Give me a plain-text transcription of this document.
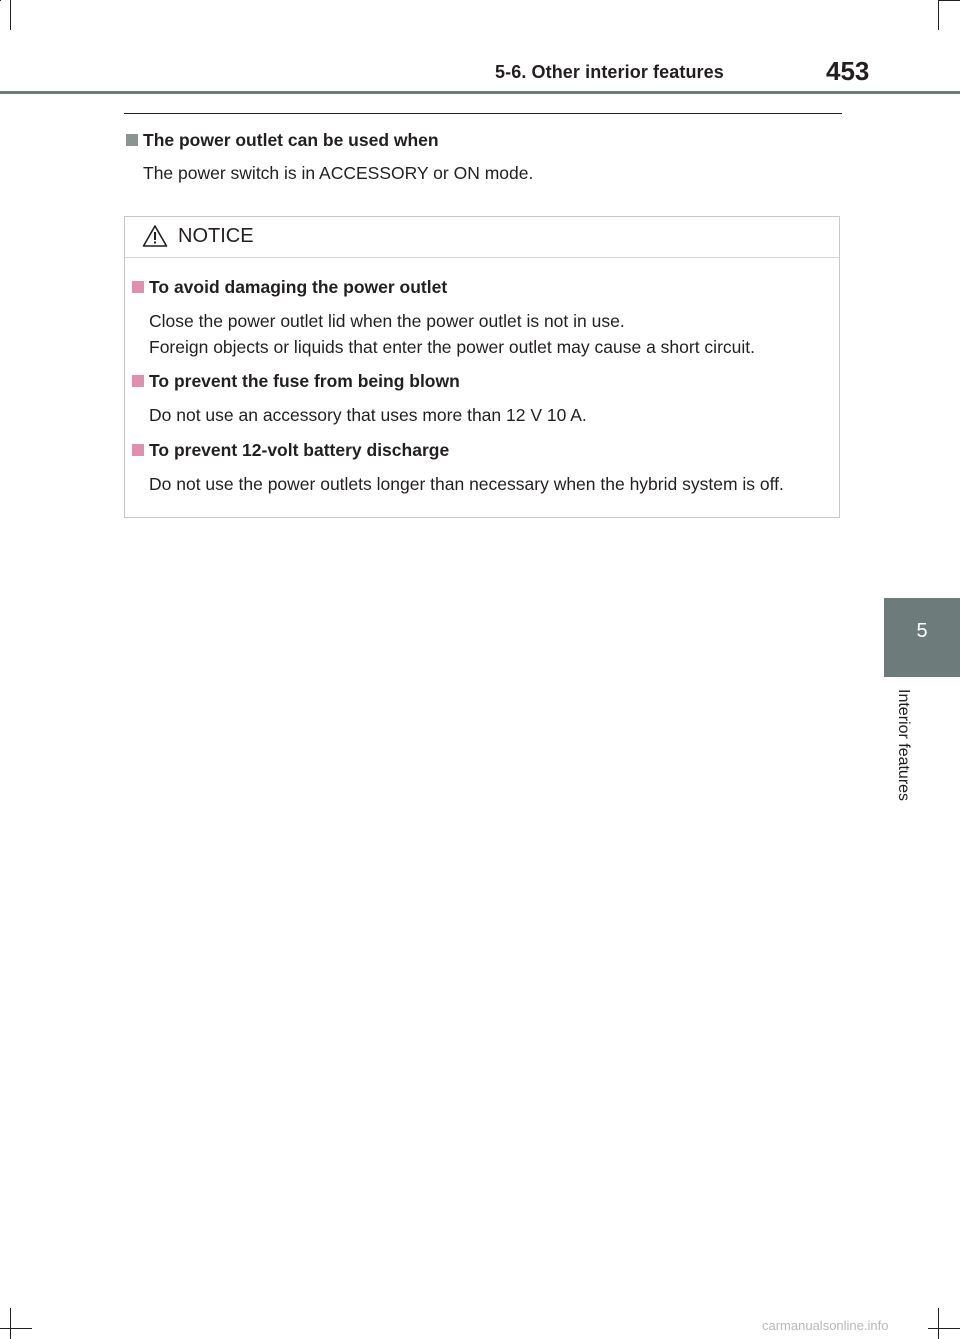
5-6. Other interior features	453
The power outlet can be used when
The power switch is in ACCESSORY or ON mode.
NOTICE
To avoid damaging the power outlet
Close the power outlet lid when the power outlet is not in use.
Foreign objects or liquids that enter the power outlet may cause a short circuit.
To prevent the fuse from being blown
Do not use an accessory that uses more than 12 V 10 A.
To prevent 12-volt battery discharge
Do not use the power outlets longer than necessary when the hybrid system is off.
5
Interior features
carmanualsonline.info
